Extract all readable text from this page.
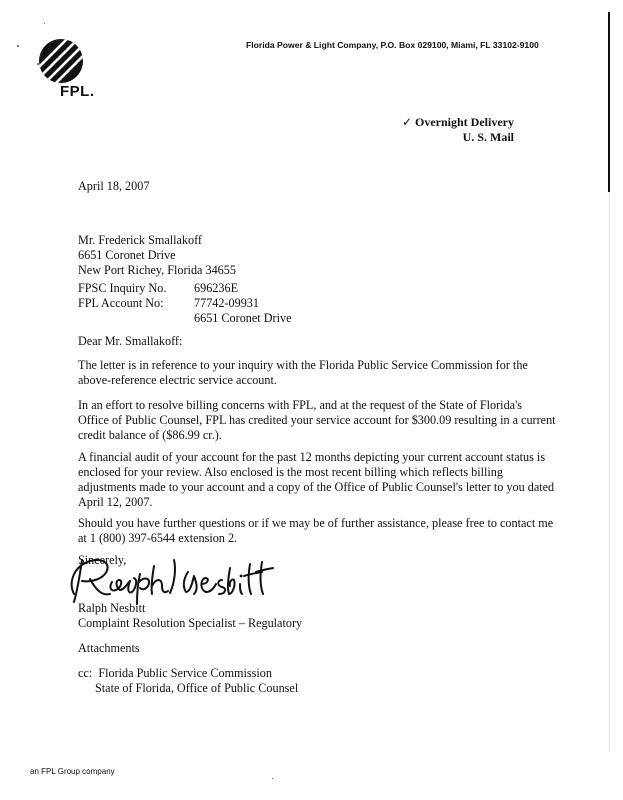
FPL.
Florida Power & Light Company, P.O. Box 029100, Miami, FL 33102-9100
✓ Overnight Delivery
U. S. Mail
April 18, 2007
Mr. Frederick Smallakoff
6651 Coronet Drive
New Port Richey, Florida 34655
FPSC Inquiry No. 696236E
FPL Account No: 77742-09931
6651 Coronet Drive
Dear Mr. Smallakoff:
The letter is in reference to your inquiry with the Florida Public Service Commission for the
above-reference electric service account.
In an effort to resolve billing concerns with FPL, and at the request of the State of Florida's
Office of Public Counsel, FPL has credited your service account for $300.09 resulting in a current
credit balance of ($86.99 cr.).
A financial audit of your account for the past 12 months depicting your current account status is
enclosed for your review. Also enclosed is the most recent billing which reflects billing
adjustments made to your account and a copy of the Office of Public Counsel's letter to you dated
April 12, 2007.
Should you have further questions or if we may be of further assistance, please free to contact me
at 1 (800) 397-6544 extension 2.
Sincerely,
Ralph Nesbitt
Complaint Resolution Specialist – Regulatory
Attachments
cc: Florida Public Service Commission
State of Florida, Office of Public Counsel
an FPL Group company
